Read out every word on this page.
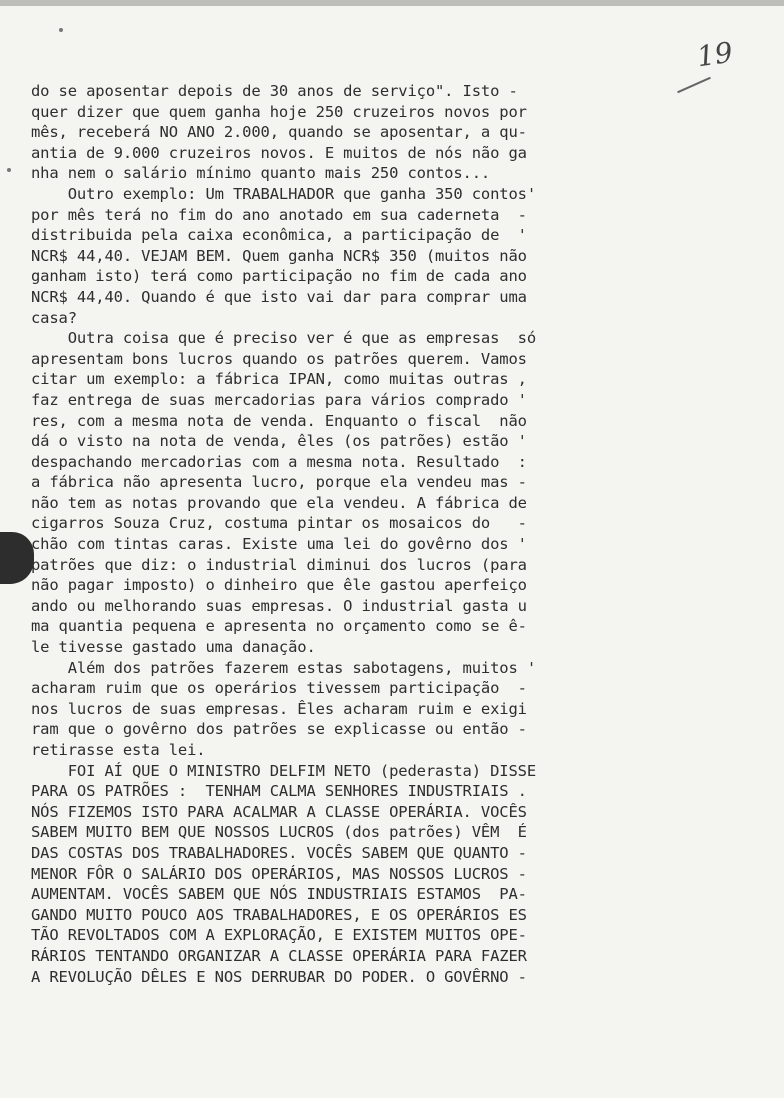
19
do se aposentar depois de 30 anos de serviço". Isto -
quer dizer que quem ganha hoje 250 cruzeiros novos por
mês, receberá NO ANO 2.000, quando se aposentar, a qu-
antia de 9.000 cruzeiros novos. E muitos de nós não ga
nha nem o salário mínimo quanto mais 250 contos...
Outro exemplo: Um TRABALHADOR que ganha 350 contos'
por mês terá no fim do ano anotado em sua caderneta  -
distribuida pela caixa econômica, a participação de  '
NCR$ 44,40. VEJAM BEM. Quem ganha NCR$ 350 (muitos não
ganham isto) terá como participação no fim de cada ano
NCR$ 44,40. Quando é que isto vai dar para comprar uma
casa?
Outra coisa que é preciso ver é que as empresas  só
apresentam bons lucros quando os patrões querem. Vamos
citar um exemplo: a fábrica IPAN, como muitas outras ,
faz entrega de suas mercadorias para vários comprado '
res, com a mesma nota de venda. Enquanto o fiscal  não
dá o visto na nota de venda, êles (os patrões) estão '
despachando mercadorias com a mesma nota. Resultado  :
a fábrica não apresenta lucro, porque ela vendeu mas -
não tem as notas provando que ela vendeu. A fábrica de
cigarros Souza Cruz, costuma pintar os mosaicos do   -
chão com tintas caras. Existe uma lei do govêrno dos '
patrões que diz: o industrial diminui dos lucros (para
não pagar imposto) o dinheiro que êle gastou aperfeiço
ando ou melhorando suas empresas. O industrial gasta u
ma quantia pequena e apresenta no orçamento como se ê-
le tivesse gastado uma danação.
Além dos patrões fazerem estas sabotagens, muitos '
acharam ruim que os operários tivessem participação  -
nos lucros de suas empresas. Êles acharam ruim e exigi
ram que o govêrno dos patrões se explicasse ou então -
retirasse esta lei.
FOI AÍ QUE O MINISTRO DELFIM NETO (pederasta) DISSE
PARA OS PATRÕES :  TENHAM CALMA SENHORES INDUSTRIAIS .
NÓS FIZEMOS ISTO PARA ACALMAR A CLASSE OPERÁRIA. VOCÊS
SABEM MUITO BEM QUE NOSSOS LUCROS (dos patrões) VÊM  É
DAS COSTAS DOS TRABALHADORES. VOCÊS SABEM QUE QUANTO -
MENOR FÔR O SALÁRIO DOS OPERÁRIOS, MAS NOSSOS LUCROS -
AUMENTAM. VOCÊS SABEM QUE NÓS INDUSTRIAIS ESTAMOS  PA-
GANDO MUITO POUCO AOS TRABALHADORES, E OS OPERÁRIOS ES
TÃO REVOLTADOS COM A EXPLORAÇÃO, E EXISTEM MUITOS OPE-
RÁRIOS TENTANDO ORGANIZAR A CLASSE OPERÁRIA PARA FAZER
A REVOLUÇÃO DÊLES E NOS DERRUBAR DO PODER. O GOVÊRNO -
